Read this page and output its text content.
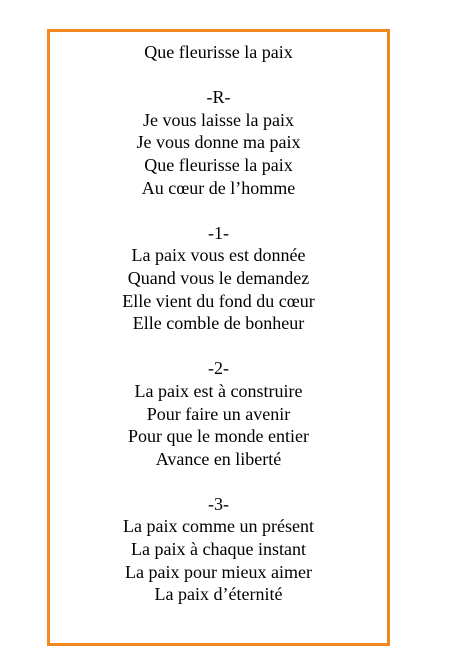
Que fleurisse la paix
-R-
Je vous laisse la paix
Je vous donne ma paix
Que fleurisse la paix
Au cœur de l’homme
-1-
La paix vous est donnée
Quand vous le demandez
Elle vient du fond du cœur
Elle comble de bonheur
-2-
La paix est à construire
Pour faire un avenir
Pour que le monde entier
Avance en liberté
-3-
La paix comme un présent
La paix à chaque instant
La paix pour mieux aimer
La paix d’éternité
